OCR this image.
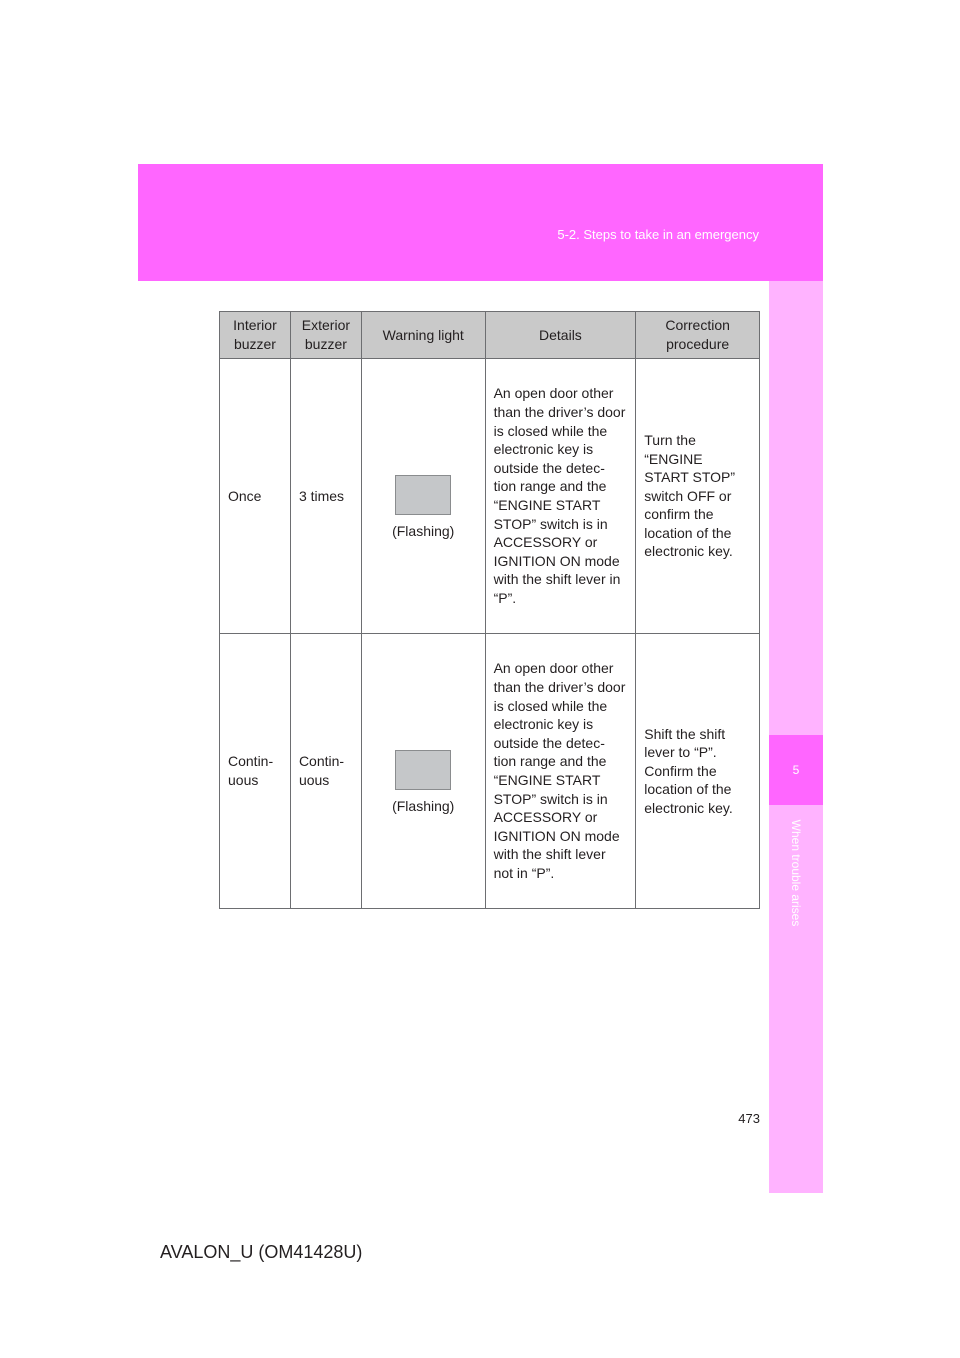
5-2. Steps to take in an emergency
5
When trouble arises
Interior buzzer	Exterior buzzer	Warning light	Details	Correction procedure
Once	3 times	(Flashing)	An open door other than the driver’s door is closed while the electronic key is outside the detec-tion range and the “ENGINE START STOP” switch is in ACCESSORY or IGNITION ON mode with the shift lever in “P”.	Turn the “ENGINE START STOP” switch OFF or confirm the location of the electronic key.
Contin-uous	Contin-uous	(Flashing)	An open door other than the driver’s door is closed while the electronic key is outside the detec-tion range and the “ENGINE START STOP” switch is in ACCESSORY or IGNITION ON mode with the shift lever not in “P”.	Shift the shift lever to “P”. Confirm the location of the electronic key.
473
AVALON_U (OM41428U)
